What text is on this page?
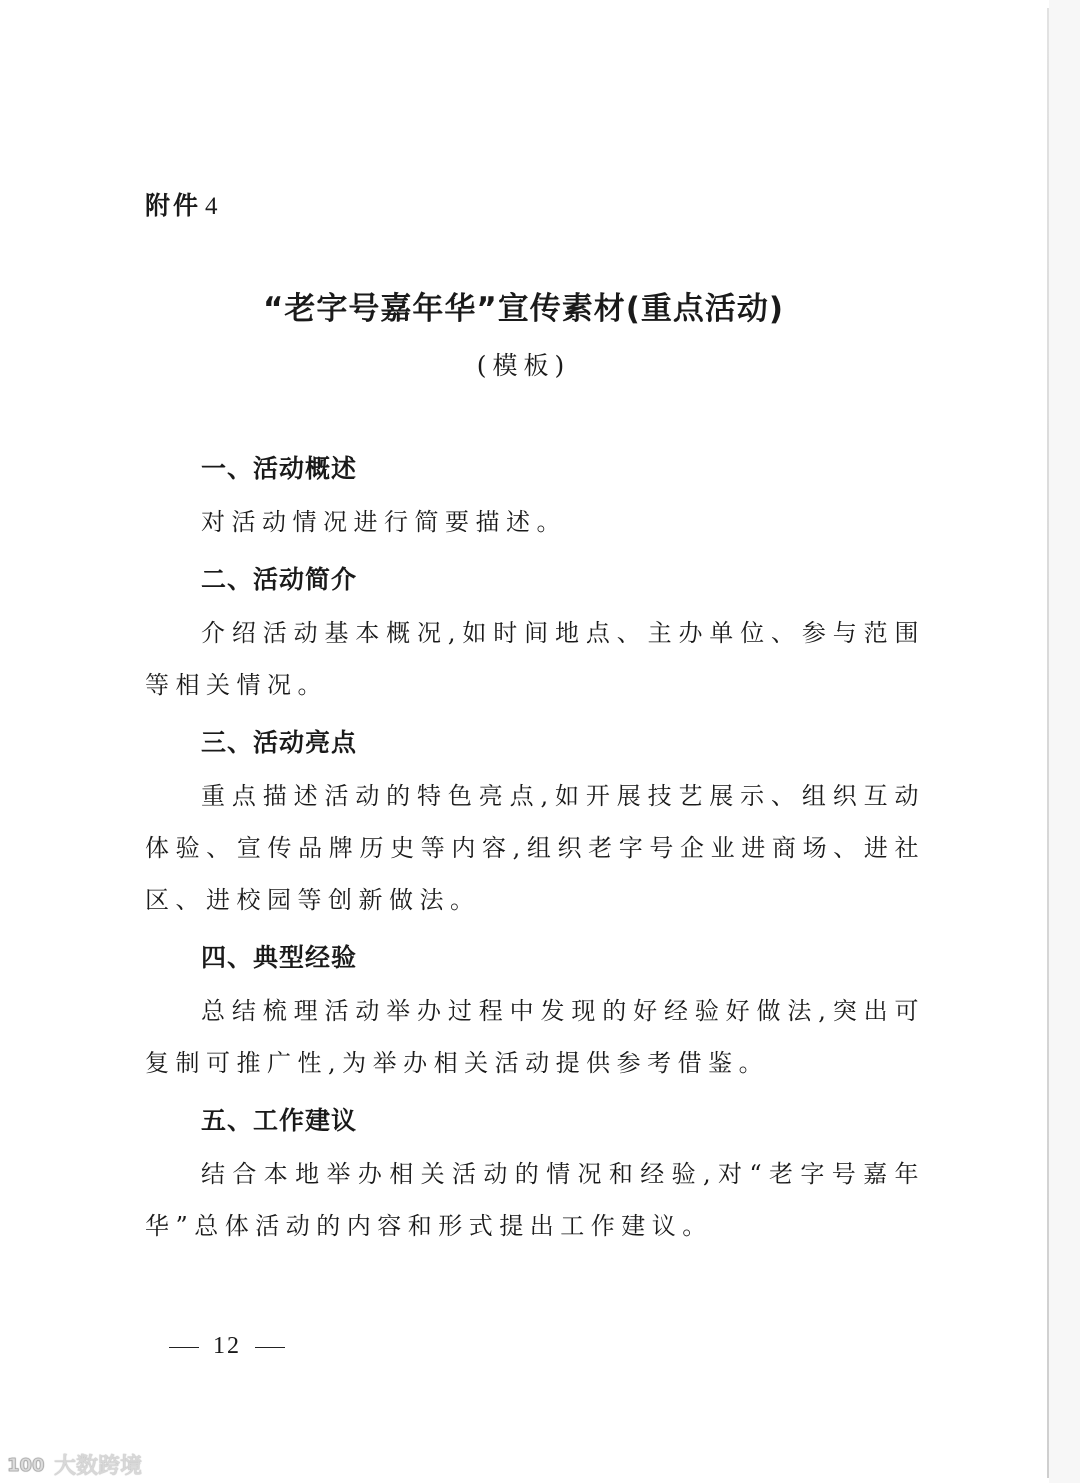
附件 4
“老字号嘉年华”宣传素材(重点活动)
(模板)
一、活动概述
对活动情况进行简要描述。
二、活动简介
介绍活动基本概况,如时间地点、主办单位、参与范围等相关情况。
三、活动亮点
重点描述活动的特色亮点,如开展技艺展示、组织互动体验、宣传品牌历史等内容,组织老字号企业进商场、进社区、进校园等创新做法。
四、典型经验
总结梳理活动举办过程中发现的好经验好做法,突出可复制可推广性,为举办相关活动提供参考借鉴。
五、工作建议
结合本地举办相关活动的情况和经验,对“老字号嘉年华”总体活动的内容和形式提出工作建议。
12
100 大数跨境
